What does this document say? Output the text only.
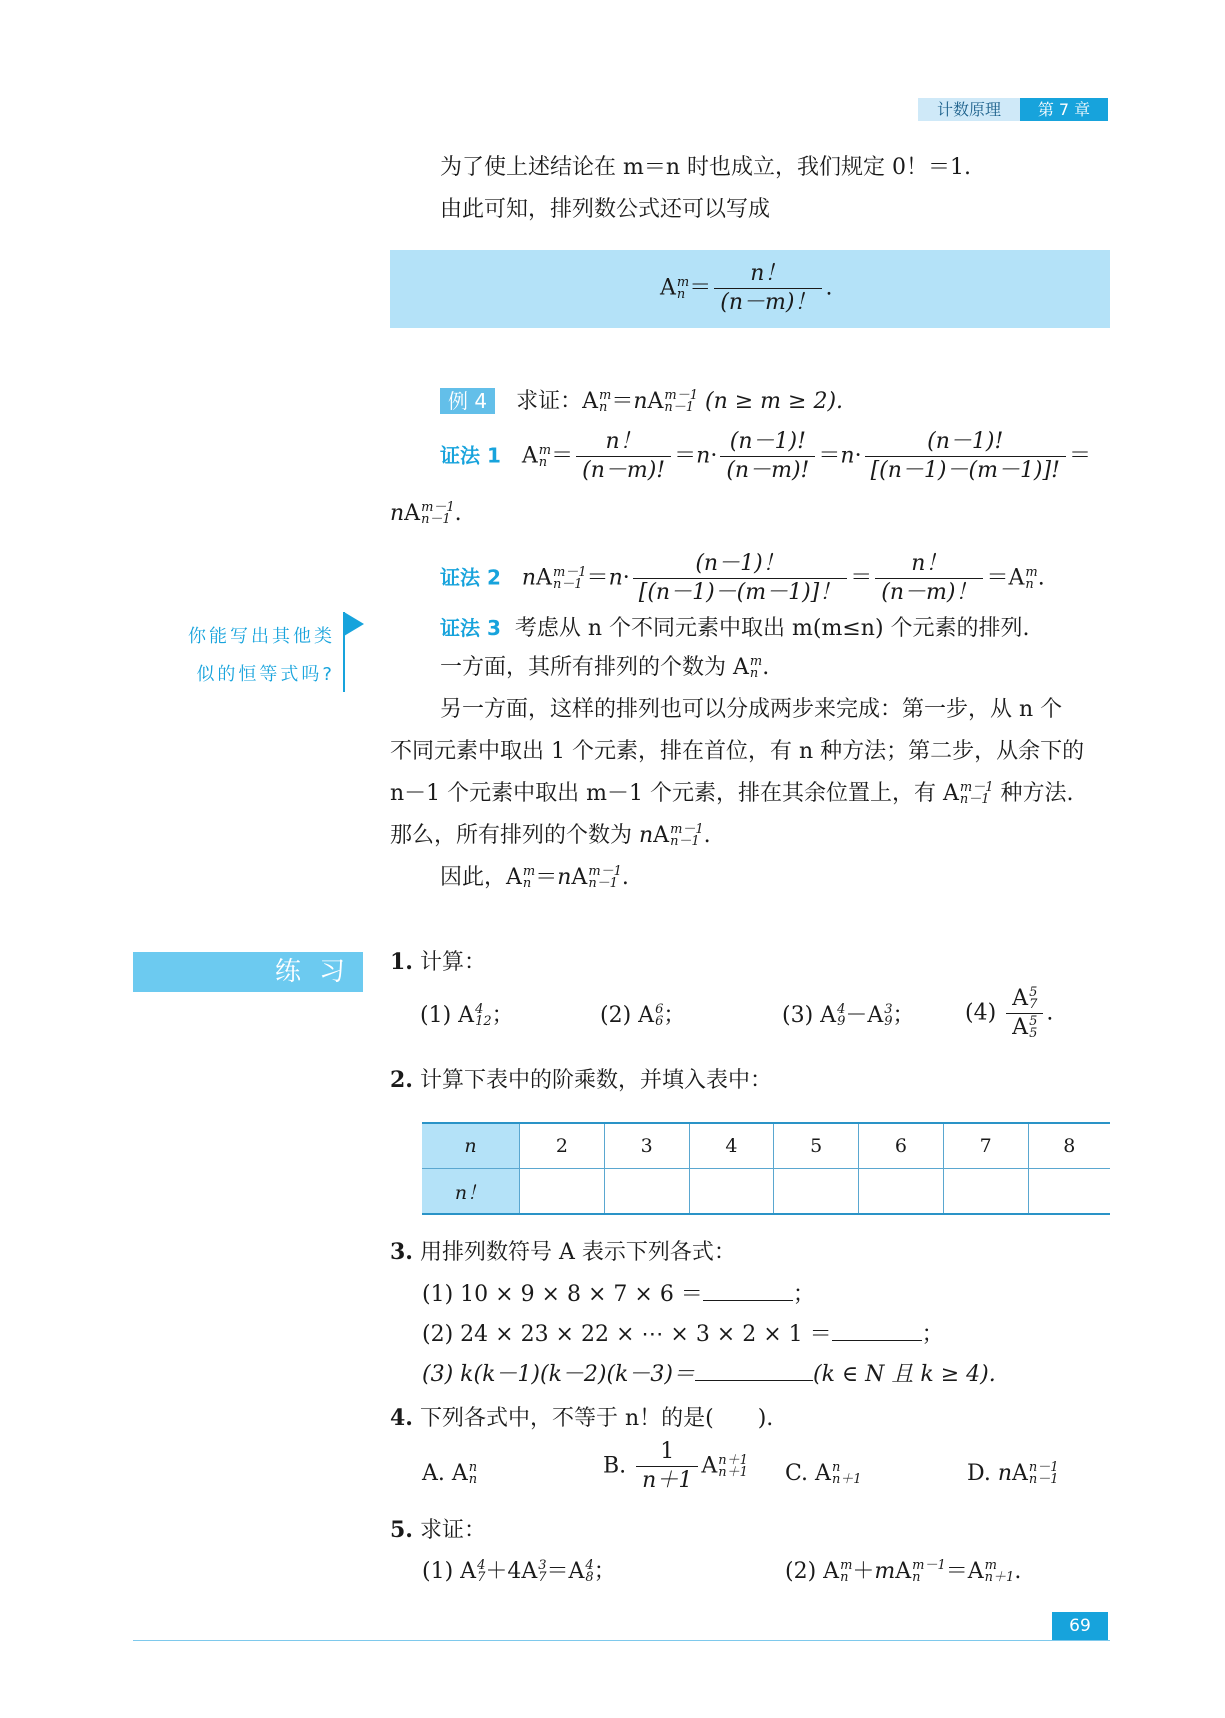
计数原理	第 7 章
为了使上述结论在 m＝n 时也成立，我们规定 0！＝1.
由此可知，排列数公式还可以写成
A m
$n = \frac{n!}{(n-m)!}$ .
例 4 求证：A m
n ＝nA m－1
n－1 (n ≥ m ≥ 2).
证法 1   A m
$n = \frac{n!}{(n-m)!} =n\cdot \frac{(n-1)!}{(n-m)!} =n\cdot \frac{(n-1)!}{[(n-1)-(m-1)]!}$ ＝
nA m－1
n－1 .
证法 2 nA m－1
$n-1 =n\cdot \frac{(n-1)!}{[(n-1)-(m-1)]!} = \frac{n!}{(n-m)!} =A$ m
n .
你能写出其他类
似的恒等式吗?
证法 3 考虑从 n 个不同元素中取出 m(m≤n) 个元素的排列.
一方面，其所有排列的个数为 A m
n .
另一方面，这样的排列也可以分成两步来完成：第一步，从 n 个
不同元素中取出 1 个元素，排在首位，有 n 种方法；第二步，从余下的
n－1 个元素中取出 m－1 个元素，排在其余位置上，有 A m－1
n－1 种方法.
那么，所有排列的个数为 nA m－1
n－1 .
因此，A m
n ＝nA m－1
n－1 .
练习 1. 计算：
(1) A 4
12 ；	(2) A 6
6 ；	(3) A 4
9 －A 3
9 ； (4) A 5
7
A 5
5 .
2. 计算下表中的阶乘数，并填入表中：
n	2	3	4	5	6	7	8
n！							
3. 用排列数符号 A 表示下列各式：
(1) 10 × 9 × 8 × 7 × 6 ＝	；
(2) 24 × 23 × 22 × ⋯ × 3 × 2 × 1 ＝	；
(3) k(k－1)(k－2)(k－3)＝	(k ∈ N 且 k ≥ 4).
4. 下列各式中，不等于 n！的是(　　).
A. A n
n
B. $\frac{1}{n+1}$ A n＋1
n＋1 C. A n
n＋1	D. nA n－1
n－1
5. 求证：
(1) A 4
7 ＋4A 3
7 ＝A 4
8 ；	(2) A m
n ＋mA m－1
n	＝A m
n＋1 .
69
